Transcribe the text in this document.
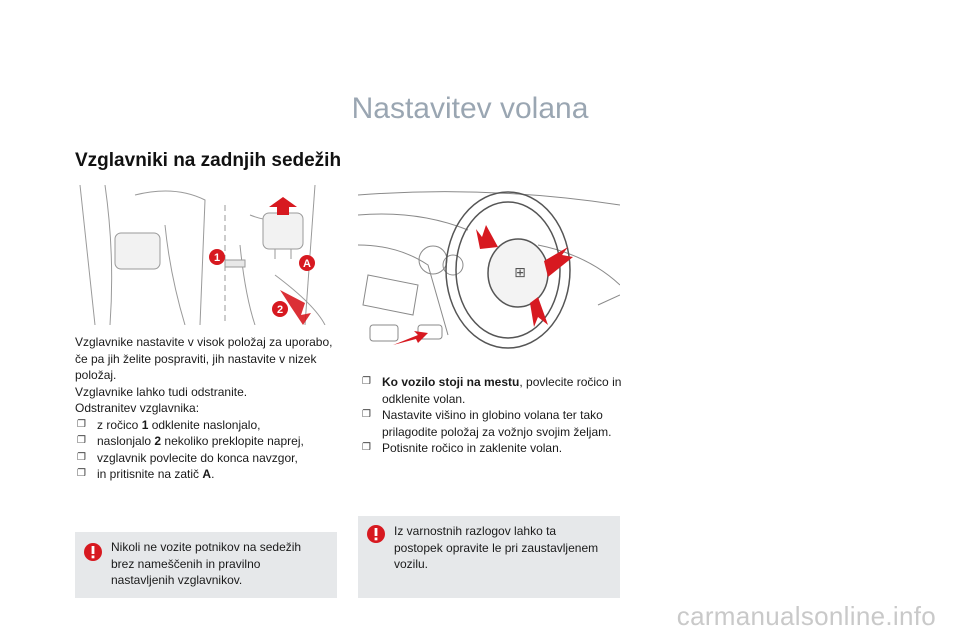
Nastavitev volana
Vzglavniki na zadnjih sedežih
1	A
2
⊞

Vzglavnike nastavite v visok položaj za uporabo, če pa jih želite pospraviti, jih nastavite v nizek položaj.

Vzglavnike lahko tudi odstranite.

Odstranitev vzglavnika:

❐ z ročico 1 odklenite naslonjalo,
❐ naslonjalo 2 nekoliko preklopite naprej,
❐ vzglavnik povlecite do konca navzgor,
❐ in pritisnite na zatič A.
❐ Ko vozilo stoji na mestu, povlecite ročico in odklenite volan.
❐ Nastavite višino in globino volana ter tako prilagodite položaj za vožnjo svojim željam.
❐ Potisnite ročico in zaklenite volan.
Nikoli ne vozite potnikov na sedežih brez nameščenih in pravilno nastavljenih vzglavnikov.
Iz varnostnih razlogov lahko ta postopek opravite le pri zaustavljenem vozilu.
carmanualsonline.info
